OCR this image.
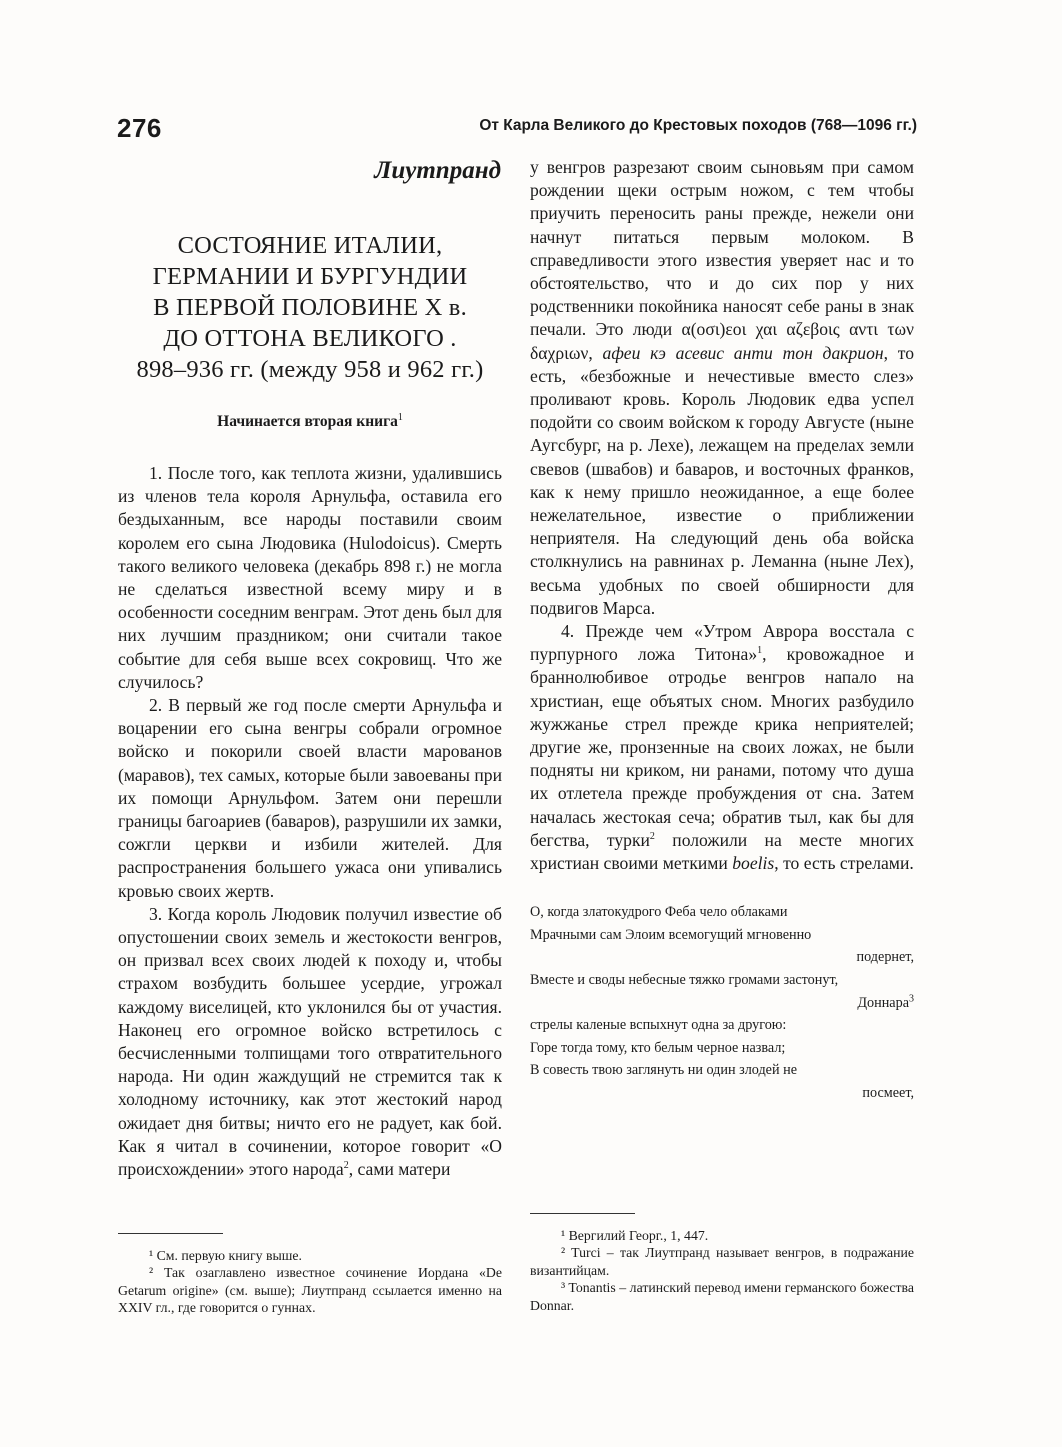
276	От Карла Великого до Крестовых походов (768—1096 гг.)

Лиутпранд

СОСТОЯНИЕ ИТАЛИИ,
ГЕРМАНИИ И БУРГУНДИИ
В ПЕРВОЙ ПОЛОВИНЕ X в.
ДО ОТТОНА ВЕЛИКОГО .
898–936 гг. (между 958 и 962 гг.)

Начинается вторая книга$^1$

1. После того, как теплота жизни, удалившись из членов тела короля Арнульфа, оставила его бездыханным, все народы поставили своим королем его сына Людовика (Hulodoicus). Смерть такого великого человека (декабрь 898 г.) не могла не сделаться известной всему миру и в особенности соседним венграм. Этот день был для них лучшим праздником; они считали такое событие для себя выше всех сокровищ. Что же случилось?

2. В первый же год после смерти Арнульфа и воцарении его сына венгры собрали огромное войско и покорили своей власти марованов (маравов), тех самых, которые были завоеваны при их помощи Арнульфом. Затем они перешли границы багоариев (баваров), разрушили их замки, сожгли церкви и избили жителей. Для распространения большего ужаса они упивались кровью своих жертв.

3. Когда король Людовик получил известие об опустошении своих земель и жестокости венгров, он призвал всех своих людей к походу и, чтобы страхом возбудить большее усердие, угрожал каждому виселицей, кто уклонился бы от участия. Наконец его огромное войско встретилось с бесчисленными толпищами того отвратительного народа. Ни один жаждущий не стремится так к холодному источнику, как этот жестокий народ ожидает дня битвы; ничто его не радует, как бой. Как я читал в сочинении, которое говорит «О происхождении» этого народа$^2$, сами матери

у венгров разрезают своим сыновьям при самом рождении щеки острым ножом, с тем чтобы приучить переносить раны прежде, нежели они начнут питаться первым молоком. В справедливости этого известия уверяет нас и то обстоятельство, что и до сих пор у них родственники покойника наносят себе раны в знак печали. Это люди α(οσι)εοι χαι αζεβοις αντι των δαχριων, афеи кэ асевис анти тон дакрион, то есть, «безбожные и нечестивые вместо слез» проливают кровь. Король Людовик едва успел подойти со своим войском к городу Августе (ныне Аугсбург, на р. Лехе), лежащем на пределах земли свевов (швабов) и баваров, и восточных франков, как к нему пришло неожиданное, а еще более нежелательное, известие о приближении неприятеля. На следующий день оба войска столкнулись на равнинах р. Леманна (ныне Лех), весьма удобных по своей обширности для подвигов Марса.

4. Прежде чем «Утром Аврора восстала с пурпурного ложа Титона»$^1$, кровожадное и браннолюбивое отродье венгров напало на христиан, еще объятых сном. Многих разбудило жужжанье стрел прежде крика неприятелей; другие же, пронзенные на своих ложах, не были подняты ни криком, ни ранами, потому что душа их отлетела прежде пробуждения от сна. Затем началась жестокая сеча; обратив тыл, как бы для бегства, турки$^2$ положили на месте многих христиан своими меткими boelis, то есть стрелами.

О, когда златокудрого Феба чело облаками
Мрачными сам Элоим всемогущий мгновенно
подернет,
Вместе и своды небесные тяжко громами застонут,
Доннара$^3$
стрелы каленые вспыхнут одна за другою:
Горе тогда тому, кто белым черное назвал;
В совесть твою заглянуть ни один злодей не
посмеет,

¹ См. первую книгу выше.

² Так озаглавлено известное сочинение Иордана «De Getarum origine» (см. выше); Лиутпранд ссылается именно на XXIV гл., где говорится о гуннах.

¹ Вергилий Георг., 1, 447.

² Turci – так Лиутпранд называет венгров, в подражание византийцам.

³ Tonantis – латинский перевод имени германского божества Donnar.
